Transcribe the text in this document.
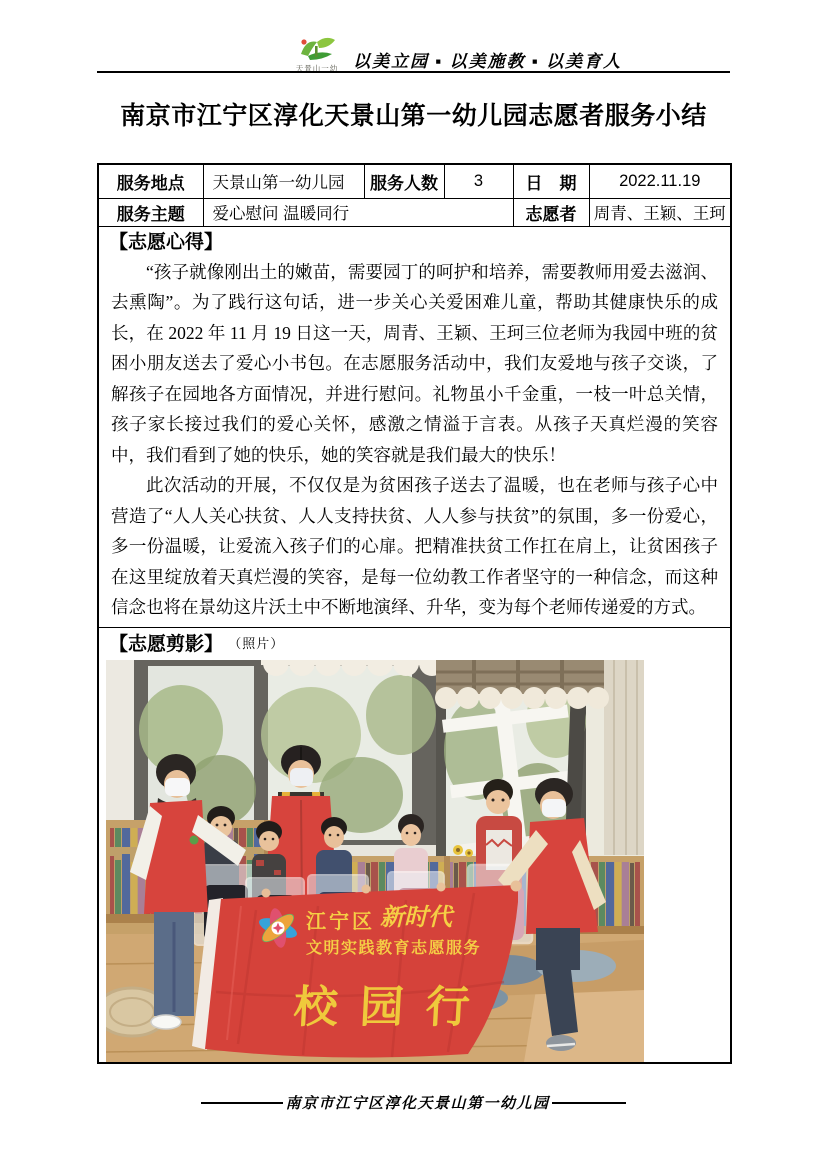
天景山一幼 以美立园 ▪ 以美施教 ▪ 以美育人
南京市江宁区淳化天景山第一幼儿园志愿者服务小结
服务地点	天景山第一幼儿园	服务人数	3	日　期	2022.11.19
服务主题	爱心慰问 温暖同行			志愿者	周青、王颖、王珂

【志愿心得】

“孩子就像刚出土的嫩苗，需要园丁的呵护和培养，需要教师用爱去滋润、去熏陶”。为了践行这句话，进一步关心关爱困难儿童，帮助其健康快乐的成长，在 2022 年 11 月 19 日这一天，周青、王颖、王珂三位老师为我园中班的贫困小朋友送去了爱心小书包。在志愿服务活动中，我们友爱地与孩子交谈，了解孩子在园地各方面情况，并进行慰问。礼物虽小千金重，一枝一叶总关情，孩子家长接过我们的爱心关怀，感激之情溢于言表。从孩子天真烂漫的笑容中，我们看到了她的快乐，她的笑容就是我们最大的快乐！

此次活动的开展，不仅仅是为贫困孩子送去了温暖，也在老师与孩子心中营造了“人人关心扶贫、人人支持扶贫、人人参与扶贫”的氛围，多一份爱心，多一份温暖，让爱流入孩子们的心扉。把精准扶贫工作扛在肩上，让贫困孩子在这里绽放着天真烂漫的笑容，是每一位幼教工作者坚守的一种信念，而这种信念也将在景幼这片沃土中不断地演绎、升华，变为每个老师传递爱的方式。					

【志愿剪影】 （照片）
江宁区 新时代
文明实践教育志愿服务
校园行					
南京市江宁区淳化天景山第一幼儿园
